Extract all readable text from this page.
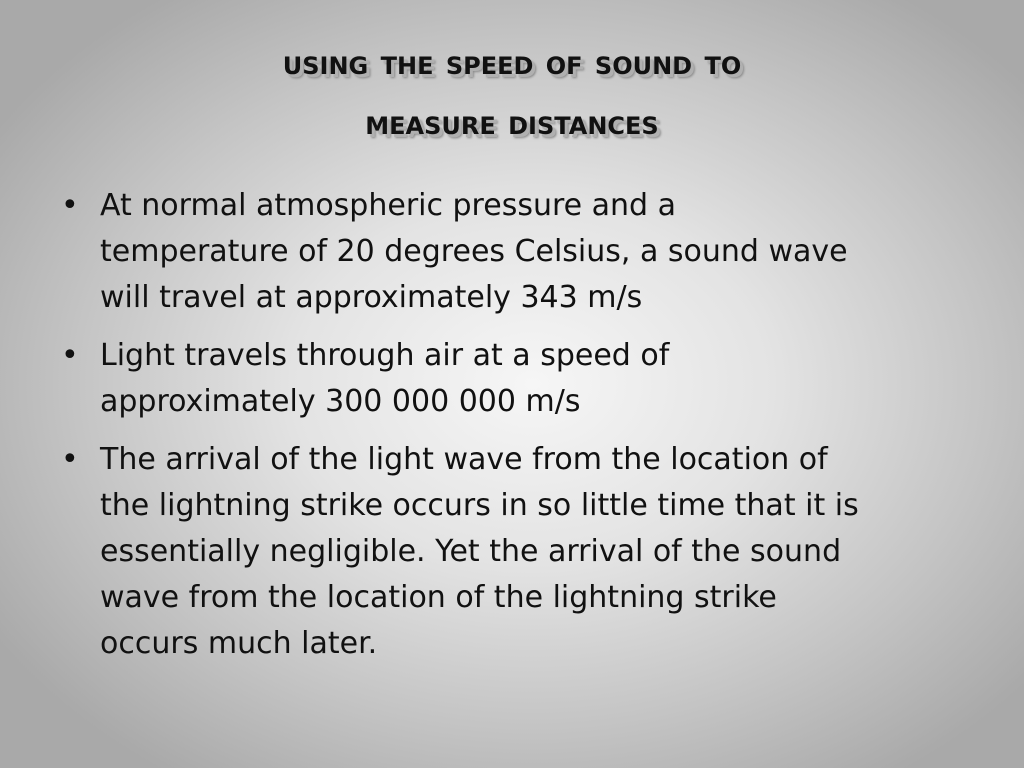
USING THE SPEED OF SOUND TO
MEASURE DISTANCES
• At normal atmospheric pressure and a
temperature of 20 degrees Celsius, a sound wave
will travel at approximately 343 m/s
• Light travels through air at a speed of
approximately 300 000 000 m/s
• The arrival of the light wave from the location of
the lightning strike occurs in so little time that it is
essentially negligible. Yet the arrival of the sound
wave from the location of the lightning strike
occurs much later.
